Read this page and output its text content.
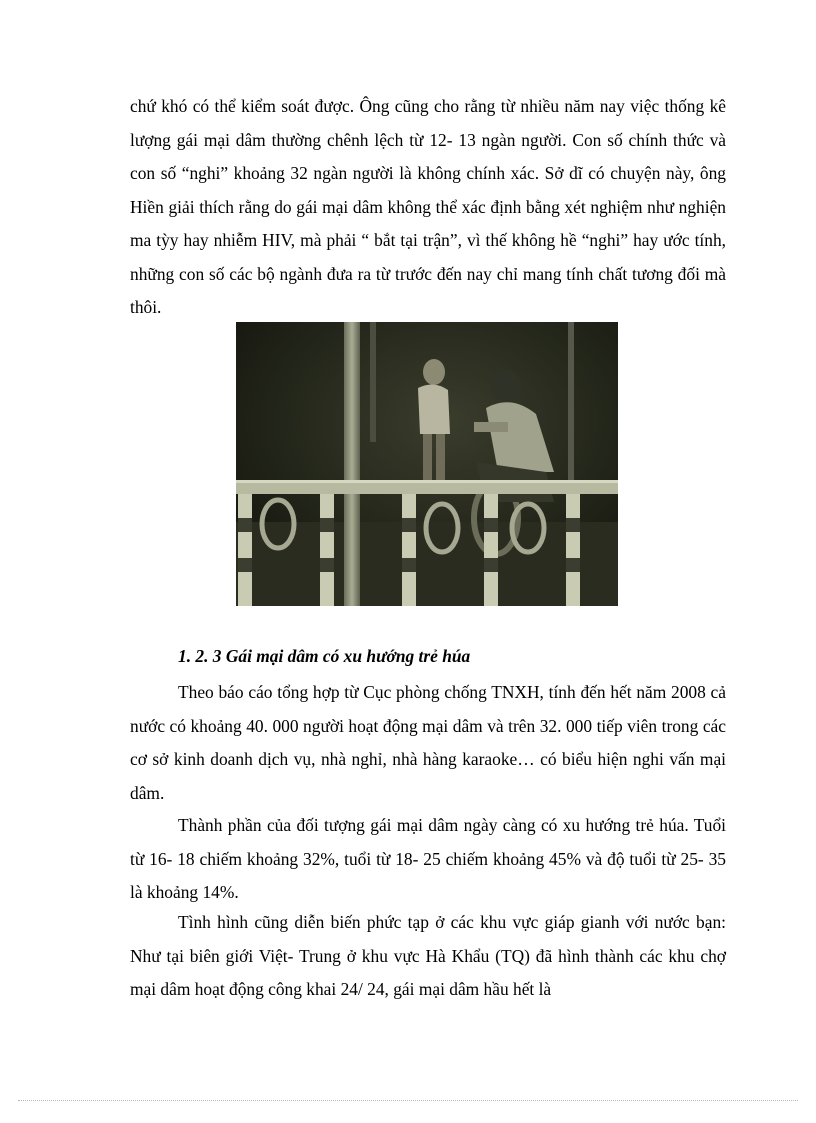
chứ khó có thể kiểm soát được. Ông cũng cho rằng từ nhiều năm nay việc thống kê lượng gái mại dâm thường chênh lệch từ 12- 13 ngàn người. Con số chính thức và con số “nghi” khoảng 32 ngàn người là không chính xác. Sở dĩ có chuyện này, ông Hiền giải thích rằng do gái mại dâm không thể xác định bằng xét nghiệm như nghiện ma tỳy hay nhiễm HIV, mà phải “ bắt tại trận”, vì thế không hề “nghi” hay ước tính, những con số các bộ ngành đưa ra từ trước đến nay chỉ mang tính chất tương đối mà thôi.

1. 2. 3 Gái mại dâm có xu hướng trẻ húa

Theo báo cáo tổng hợp từ Cục phòng chống TNXH, tính đến hết năm 2008 cả nước có khoảng 40. 000 người hoạt động mại dâm và trên 32. 000 tiếp viên trong các cơ sở kinh doanh dịch vụ, nhà nghỉ, nhà hàng karaoke… có biểu hiện nghi vấn mại dâm.

Thành phần của đối tượng gái mại dâm ngày càng có xu hướng trẻ húa. Tuổi từ 16- 18 chiếm khoảng 32%, tuổi từ 18- 25 chiếm khoảng 45% và độ tuổi từ 25- 35 là khoảng 14%.

Tình hình cũng diễn biến phức tạp ở các khu vực giáp gianh với nước bạn: Như tại biên giới Việt- Trung ở khu vực Hà Khẩu (TQ) đã hình thành các khu chợ mại dâm hoạt động công khai 24/ 24, gái mại dâm hầu hết là
